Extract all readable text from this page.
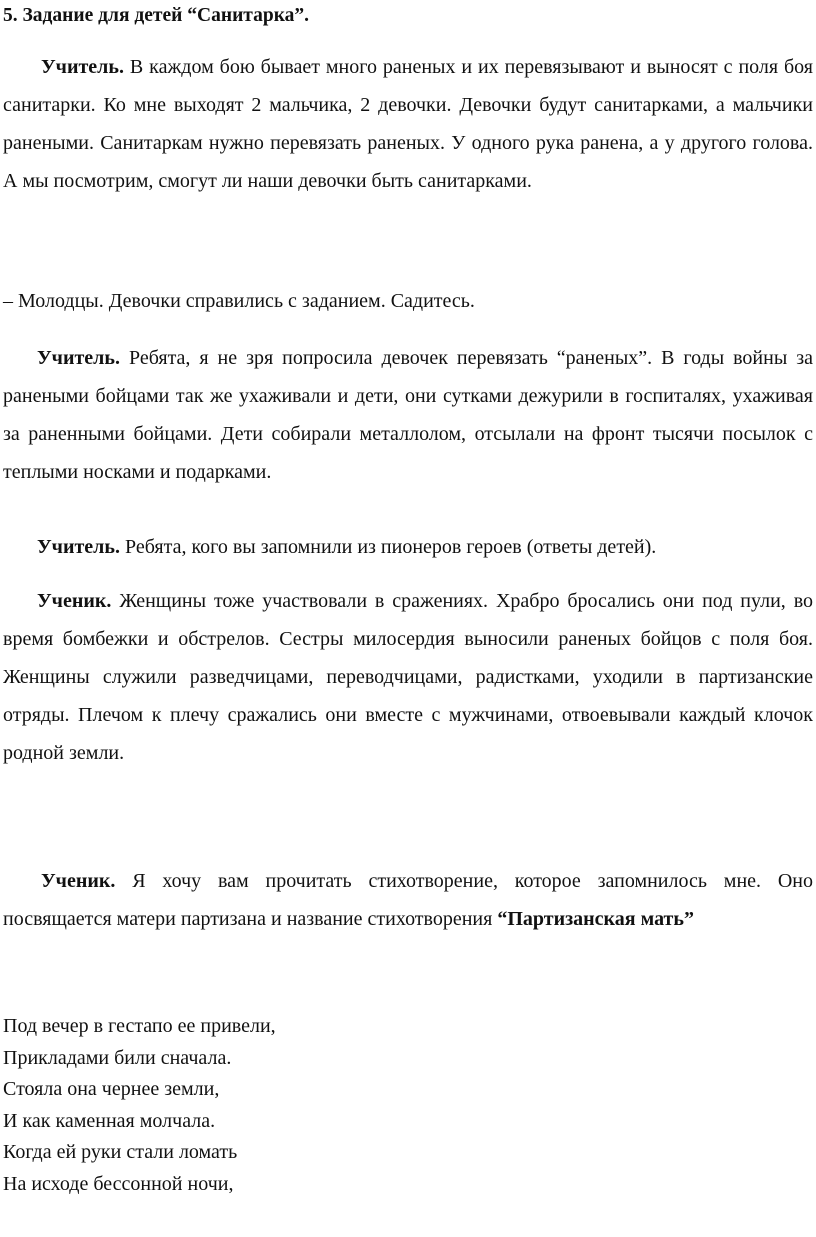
5. Задание для детей “Санитарка”.

Учитель. В каждом бою бывает много раненых и их перевязывают и выносят с поля боя санитарки. Ко мне выходят 2 мальчика, 2 девочки. Девочки будут санитарками, а мальчики ранеными. Санитаркам нужно перевязать раненых. У одного рука ранена, а у другого голова. А мы посмотрим, смогут ли наши девочки быть санитарками.

– Молодцы. Девочки справились с заданием. Садитесь.

Учитель. Ребята, я не зря попросила девочек перевязать “раненых”. В годы войны за ранеными бойцами так же ухаживали и дети, они сутками дежурили в госпиталях, ухаживая за раненными бойцами. Дети собирали металлолом, отсылали на фронт тысячи посылок с теплыми носками и подарками.

Учитель. Ребята, кого вы запомнили из пионеров героев (ответы детей).

Ученик. Женщины тоже участвовали в сражениях. Храбро бросались они под пули, во время бомбежки и обстрелов. Сестры милосердия выносили раненых бойцов с поля боя. Женщины служили разведчицами, переводчицами, радистками, уходили в партизанские отряды. Плечом к плечу сражались они вместе с мужчинами, отвоевывали каждый клочок родной земли.

Ученик. Я хочу вам прочитать стихотворение, которое запомнилось мне. Оно посвящается матери партизана и название стихотворения “Партизанская мать”

Под вечер в гестапо ее привели,
Прикладами били сначала.
Стояла она чернее земли,
И как каменная молчала.
Когда ей руки стали ломать
На исходе бессонной ночи,
